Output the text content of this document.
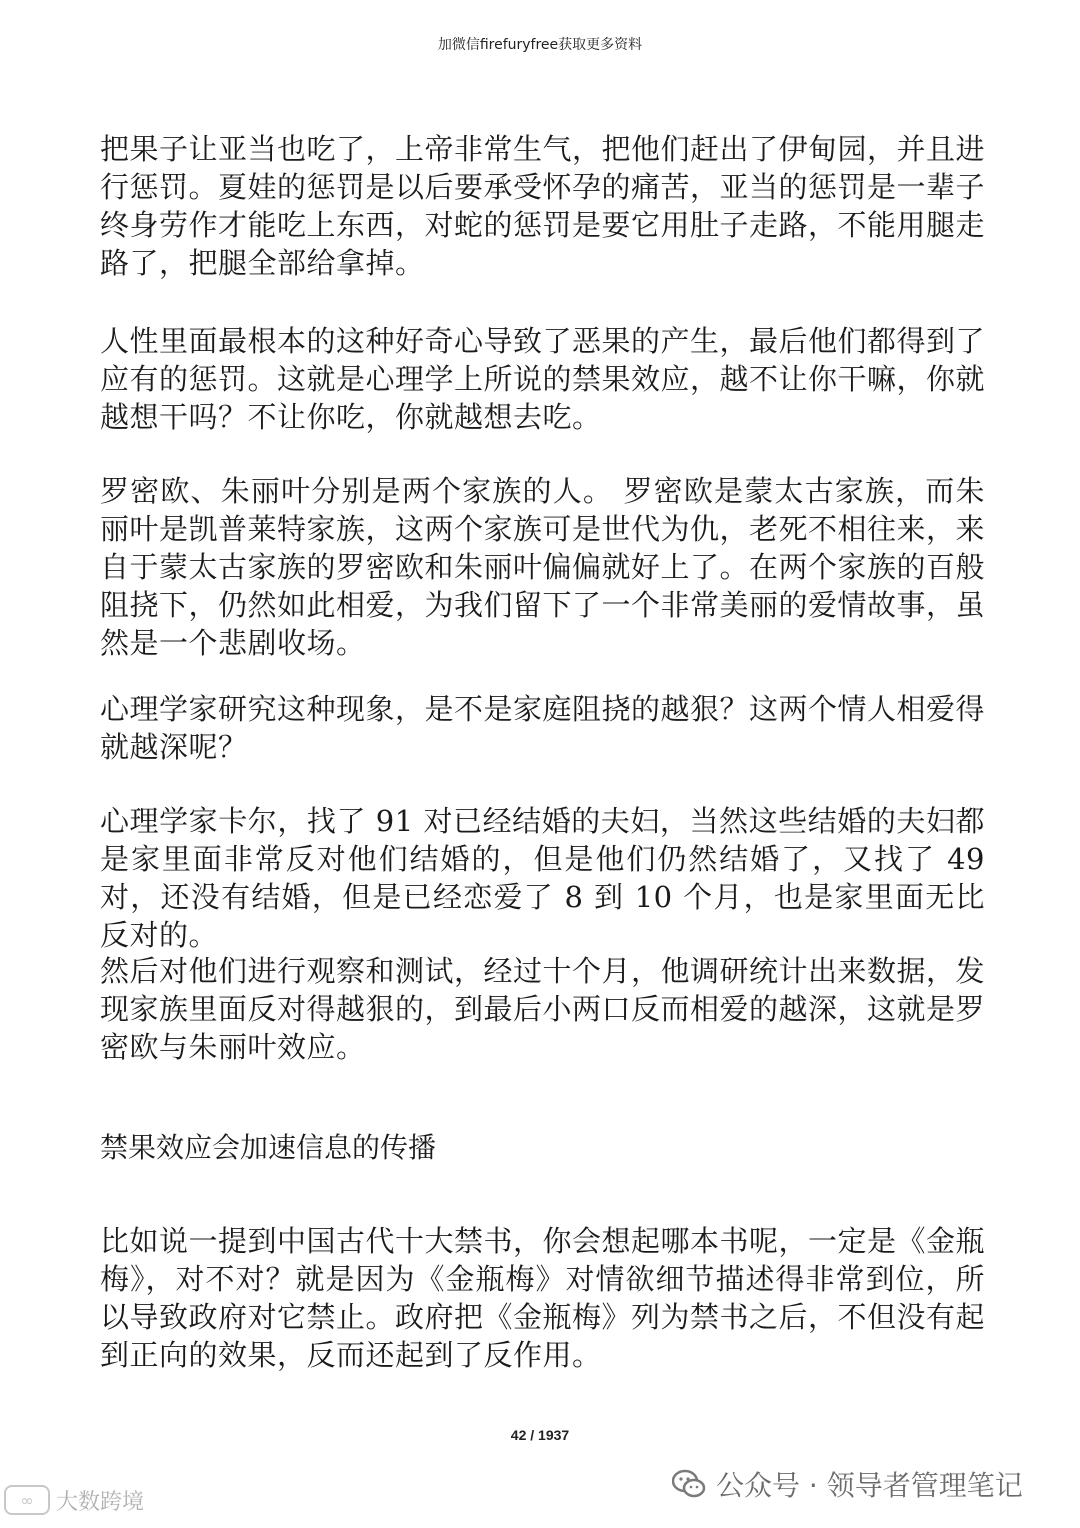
加微信firefuryfree获取更多资料

把果子让亚当也吃了，上帝非常生气，把他们赶出了伊甸园，并且进行惩罚。夏娃的惩罚是以后要承受怀孕的痛苦，亚当的惩罚是一辈子终身劳作才能吃上东西，对蛇的惩罚是要它用肚子走路，不能用腿走路了，把腿全部给拿掉。

人性里面最根本的这种好奇心导致了恶果的产生，最后他们都得到了应有的惩罚。这就是心理学上所说的禁果效应，越不让你干嘛，你就越想干吗？不让你吃，你就越想去吃。

罗密欧、朱丽叶分别是两个家族的人。 罗密欧是蒙太古家族，而朱丽叶是凯普莱特家族，这两个家族可是世代为仇，老死不相往来，来自于蒙太古家族的罗密欧和朱丽叶偏偏就好上了。在两个家族的百般阻挠下，仍然如此相爱，为我们留下了一个非常美丽的爱情故事，虽然是一个悲剧收场。

心理学家研究这种现象，是不是家庭阻挠的越狠？这两个情人相爱得就越深呢？

心理学家卡尔，找了 91 对已经结婚的夫妇，当然这些结婚的夫妇都是家里面非常反对他们结婚的，但是他们仍然结婚了，又找了 49 对，还没有结婚，但是已经恋爱了 8 到 10 个月，也是家里面无比反对的。

然后对他们进行观察和测试，经过十个月，他调研统计出来数据，发现家族里面反对得越狠的，到最后小两口反而相爱的越深，这就是罗密欧与朱丽叶效应。

禁果效应会加速信息的传播

比如说一提到中国古代十大禁书，你会想起哪本书呢，一定是《金瓶梅》，对不对？就是因为《金瓶梅》对情欲细节描述得非常到位，所以导致政府对它禁止。政府把《金瓶梅》列为禁书之后，不但没有起到正向的效果，反而还起到了反作用。

42 / 1937
公众号 · 领导者管理笔记
∞	大数跨境
